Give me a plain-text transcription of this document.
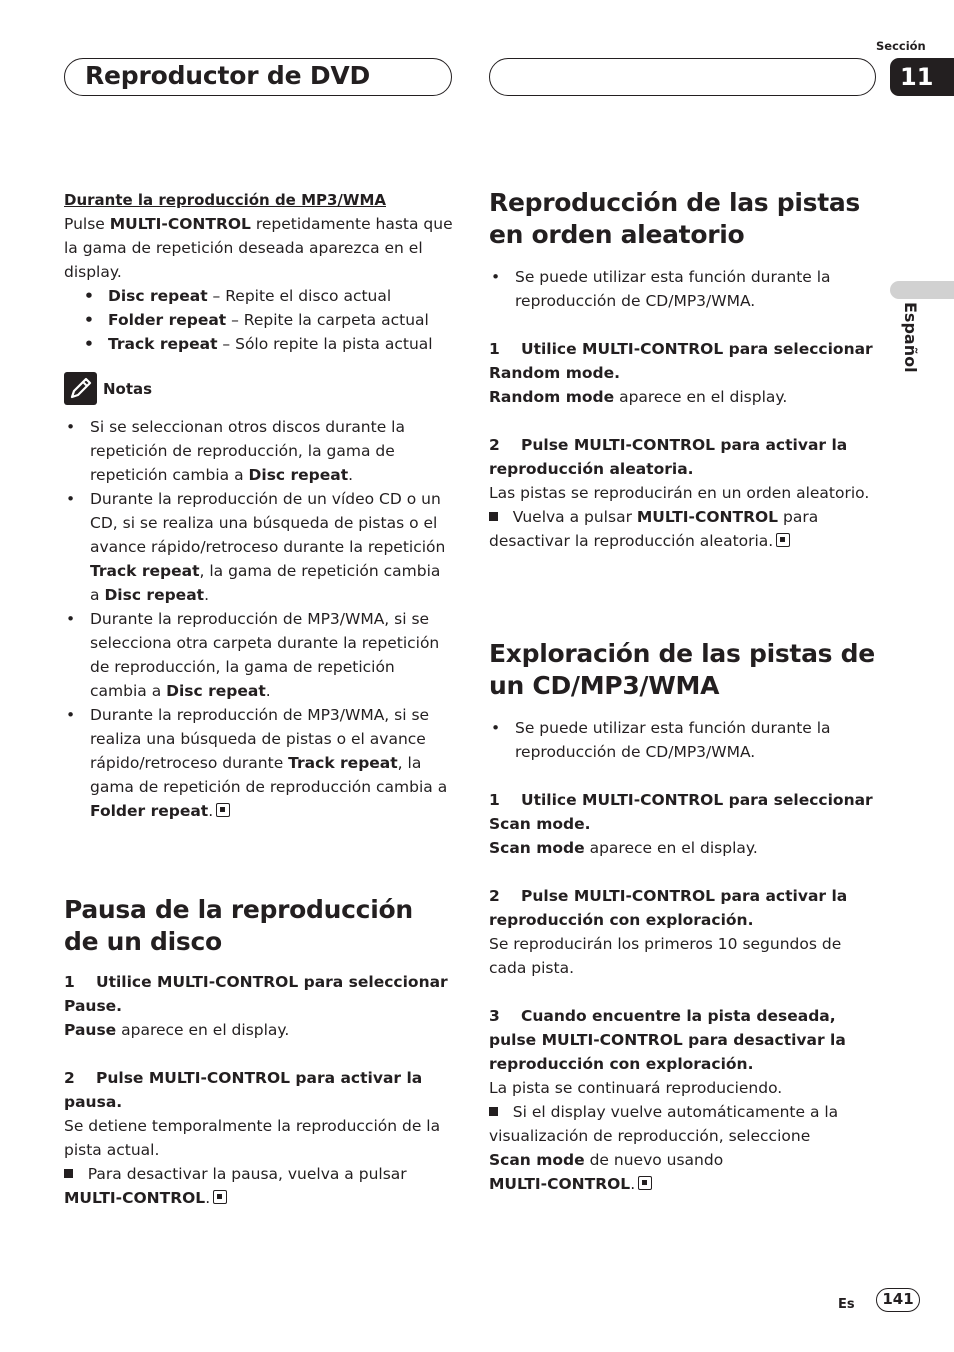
Reproductor de DVD
Sección
11
Español

Durante la reproducción de MP3/WMA

Pulse MULTI-CONTROL repetidamente hasta que la gama de repetición deseada aparezca en el display.

• Disc repeat – Repite el disco actual
• Folder repeat – Repite la carpeta actual
• Track repeat – Sólo repite la pista actual
Notas
• Si se seleccionan otros discos durante la repetición de reproducción, la gama de repetición cambia a Disc repeat.
• Durante la reproducción de un vídeo CD o un CD, si se realiza una búsqueda de pistas o el avance rápido/retroceso durante la repetición Track repeat, la gama de repetición cambia a Disc repeat.
• Durante la reproducción de MP3/WMA, si se selecciona otra carpeta durante la repetición de reproducción, la gama de repetición cambia a Disc repeat.
• Durante la reproducción de MP3/WMA, si se realiza una búsqueda de pistas o el avance rápido/retroceso durante Track repeat, la gama de repetición de reproducción cambia a Folder repeat.
Pausa de la reproducción de un disco

1 Utilice MULTI-CONTROL para seleccionar Pause.

Pause aparece en el display.

2 Pulse MULTI-CONTROL para activar la pausa.

Se detiene temporalmente la reproducción de la pista actual.

Para desactivar la pausa, vuelva a pulsar

MULTI-CONTROL.

Reproducción de las pistas en orden aleatorio
• Se puede utilizar esta función durante la reproducción de CD/MP3/WMA.

1 Utilice MULTI-CONTROL para seleccionar Random mode.

Random mode aparece en el display.

2 Pulse MULTI-CONTROL para activar la reproducción aleatoria.

Las pistas se reproducirán en un orden aleatorio.

Vuelva a pulsar MULTI-CONTROL para desactivar la reproducción aleatoria.

Exploración de las pistas de un CD/MP3/WMA
• Se puede utilizar esta función durante la reproducción de CD/MP3/WMA.

1 Utilice MULTI-CONTROL para seleccionar Scan mode.

Scan mode aparece en el display.

2 Pulse MULTI-CONTROL para activar la reproducción con exploración.

Se reproducirán los primeros 10 segundos de cada pista.

3 Cuando encuentre la pista deseada, pulse MULTI-CONTROL para desactivar la reproducción con exploración.

La pista se continuará reproduciendo.

Si el display vuelve automáticamente a la visualización de reproducción, seleccione

Scan mode de nuevo usando

MULTI-CONTROL.

Es	141
